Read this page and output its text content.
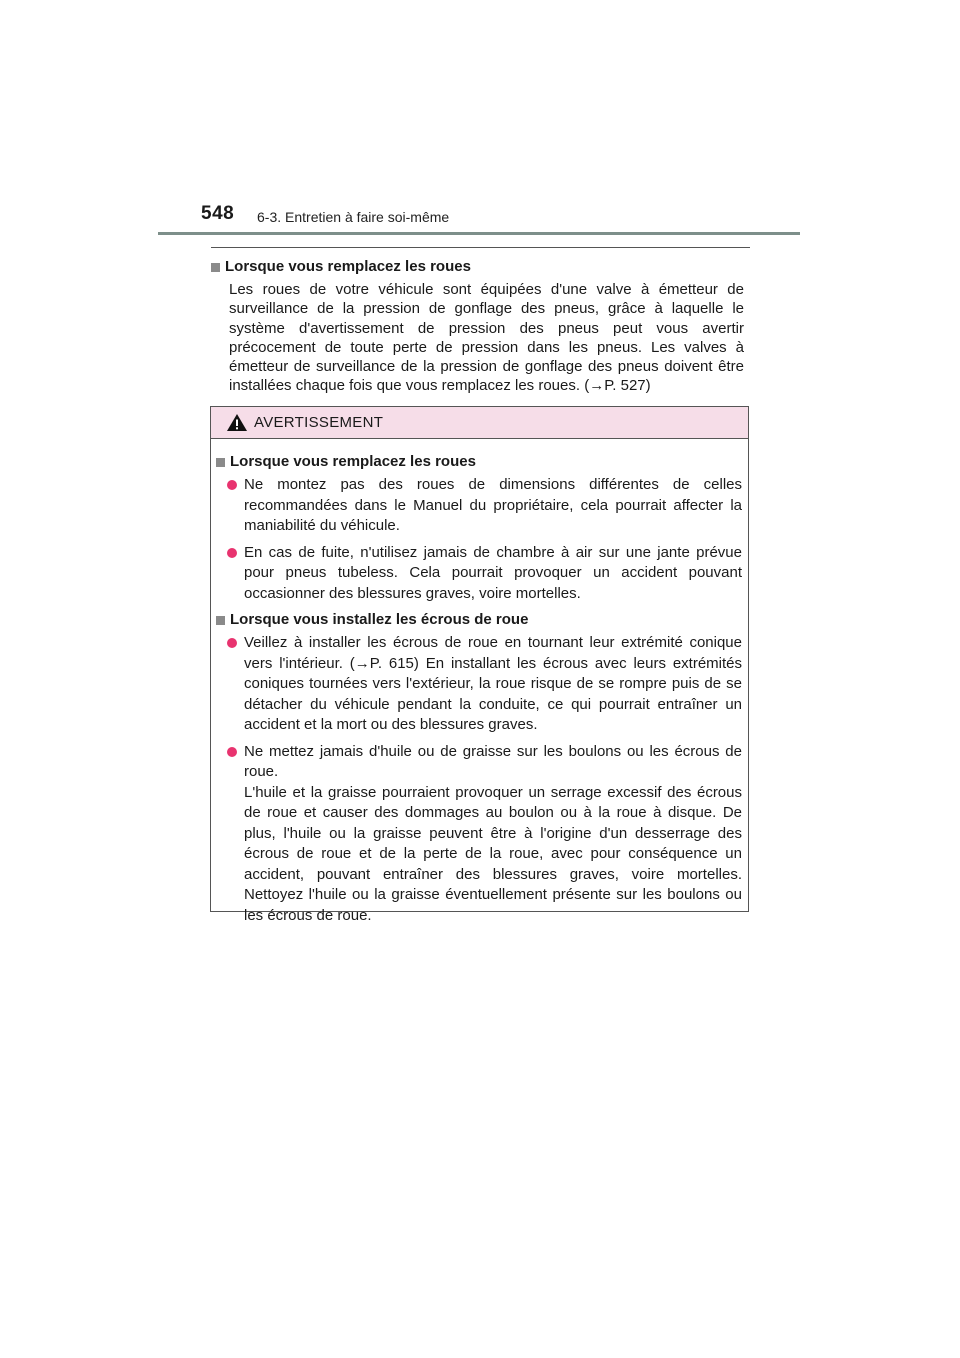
548 6-3. Entretien à faire soi-même
Lorsque vous remplacez les roues
Les roues de votre véhicule sont équipées d'une valve à émetteur de surveillance de la pression de gonflage des pneus, grâce à laquelle le système d'avertissement de pression des pneus peut vous avertir précocement de toute perte de pression dans les pneus. Les valves à émetteur de surveillance de la pression de gonflage des pneus doivent être installées chaque fois que vous remplacez les roues. (→P. 527)
AVERTISSEMENT
Lorsque vous remplacez les roues
Ne montez pas des roues de dimensions différentes de celles recommandées dans le Manuel du propriétaire, cela pourrait affecter la maniabilité du véhicule.
En cas de fuite, n'utilisez jamais de chambre à air sur une jante prévue pour pneus tubeless. Cela pourrait provoquer un accident pouvant occasionner des blessures graves, voire mortelles.
Lorsque vous installez les écrous de roue
Veillez à installer les écrous de roue en tournant leur extrémité conique vers l'intérieur. (→P. 615) En installant les écrous avec leurs extrémités coniques tournées vers l'extérieur, la roue risque de se rompre puis de se détacher du véhicule pendant la conduite, ce qui pourrait entraîner un accident et la mort ou des blessures graves.
Ne mettez jamais d'huile ou de graisse sur les boulons ou les écrous de roue.
L'huile et la graisse pourraient provoquer un serrage excessif des écrous de roue et causer des dommages au boulon ou à la roue à disque. De plus, l'huile ou la graisse peuvent être à l'origine d'un desserrage des écrous de roue et de la perte de la roue, avec pour conséquence un accident, pouvant entraîner des blessures graves, voire mortelles. Nettoyez l'huile ou la graisse éventuellement présente sur les boulons ou les écrous de roue.
